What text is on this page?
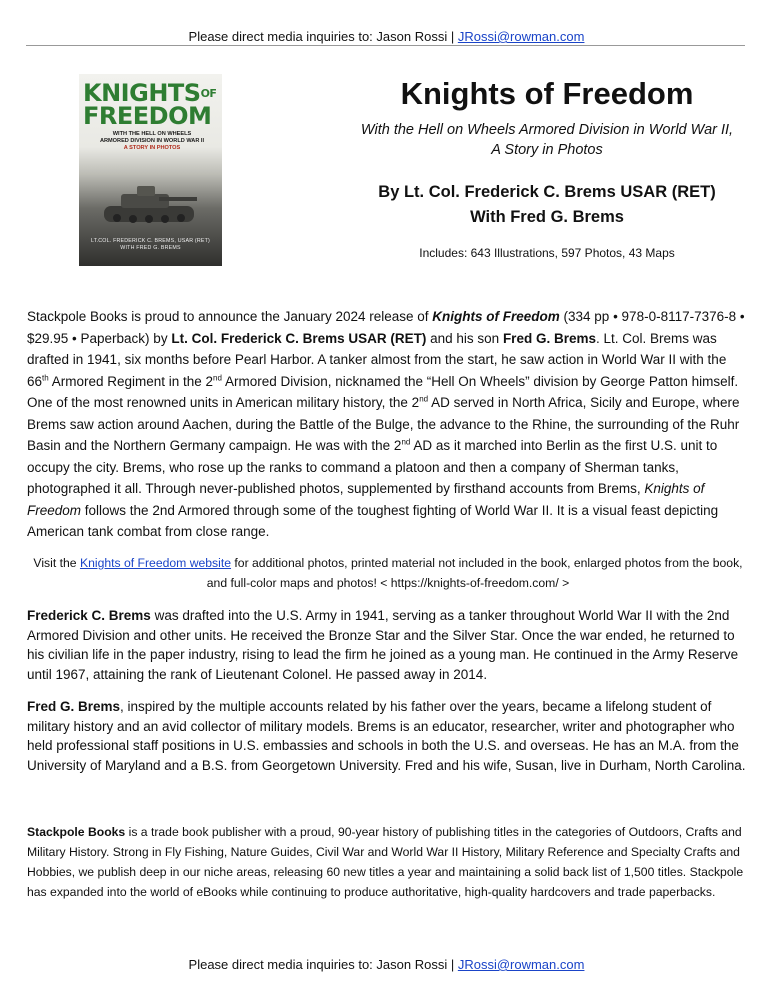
Please direct media inquiries to: Jason Rossi | JRossi@rowman.com
$KNIGHTS^{OF}$
FREEDOM
WITH THE HELL ON WHEELS
ARMORED DIVISION IN WORLD WAR II
A STORY IN PHOTOS
LT.COL. FREDERICK C. BREMS, USAR (RET)
WITH FRED G. BREMS
Knights of Freedom
With the Hell on Wheels Armored Division in World War II,
A Story in Photos
By Lt. Col. Frederick C. Brems USAR (RET)
With Fred G. Brems
Includes: 643 Illustrations, 597 Photos, 43 Maps
Stackpole Books is proud to announce the January 2024 release of Knights of Freedom (334 pp • 978-0-8117-7376-8 • $29.95 • Paperback) by Lt. Col. Frederick C. Brems USAR (RET) and his son Fred G. Brems. Lt. Col. Brems was drafted in 1941, six months before Pearl Harbor. A tanker almost from the start, he saw action in World War II with the 66th Armored Regiment in the 2nd Armored Division, nicknamed the “Hell On Wheels” division by George Patton himself. One of the most renowned units in American military history, the 2nd AD served in North Africa, Sicily and Europe, where Brems saw action around Aachen, during the Battle of the Bulge, the advance to the Rhine, the surrounding of the Ruhr Basin and the Northern Germany campaign. He was with the 2nd AD as it marched into Berlin as the first U.S. unit to occupy the city. Brems, who rose up the ranks to command a platoon and then a company of Sherman tanks, photographed it all. Through never-published photos, supplemented by firsthand accounts from Brems, Knights of Freedom follows the 2nd Armored through some of the toughest fighting of World War II. It is a visual feast depicting American tank combat from close range.
Visit the Knights of Freedom website for additional photos, printed material not included in the book, enlarged photos from the book, and full-color maps and photos! < https://knights-of-freedom.com/ >
Frederick C. Brems was drafted into the U.S. Army in 1941, serving as a tanker throughout World War II with the 2nd Armored Division and other units. He received the Bronze Star and the Silver Star. Once the war ended, he returned to his civilian life in the paper industry, rising to lead the firm he joined as a young man. He continued in the Army Reserve until 1967, attaining the rank of Lieutenant Colonel. He passed away in 2014.
Fred G. Brems, inspired by the multiple accounts related by his father over the years, became a lifelong student of military history and an avid collector of military models. Brems is an educator, researcher, writer and photographer who held professional staff positions in U.S. embassies and schools in both the U.S. and overseas. He has an M.A. from the University of Maryland and a B.S. from Georgetown University. Fred and his wife, Susan, live in Durham, North Carolina.
Stackpole Books is a trade book publisher with a proud, 90-year history of publishing titles in the categories of Outdoors, Crafts and Military History. Strong in Fly Fishing, Nature Guides, Civil War and World War II History, Military Reference and Specialty Crafts and Hobbies, we publish deep in our niche areas, releasing 60 new titles a year and maintaining a solid back list of 1,500 titles. Stackpole has expanded into the world of eBooks while continuing to produce authoritative, high-quality hardcovers and trade paperbacks.
Please direct media inquiries to: Jason Rossi | JRossi@rowman.com
